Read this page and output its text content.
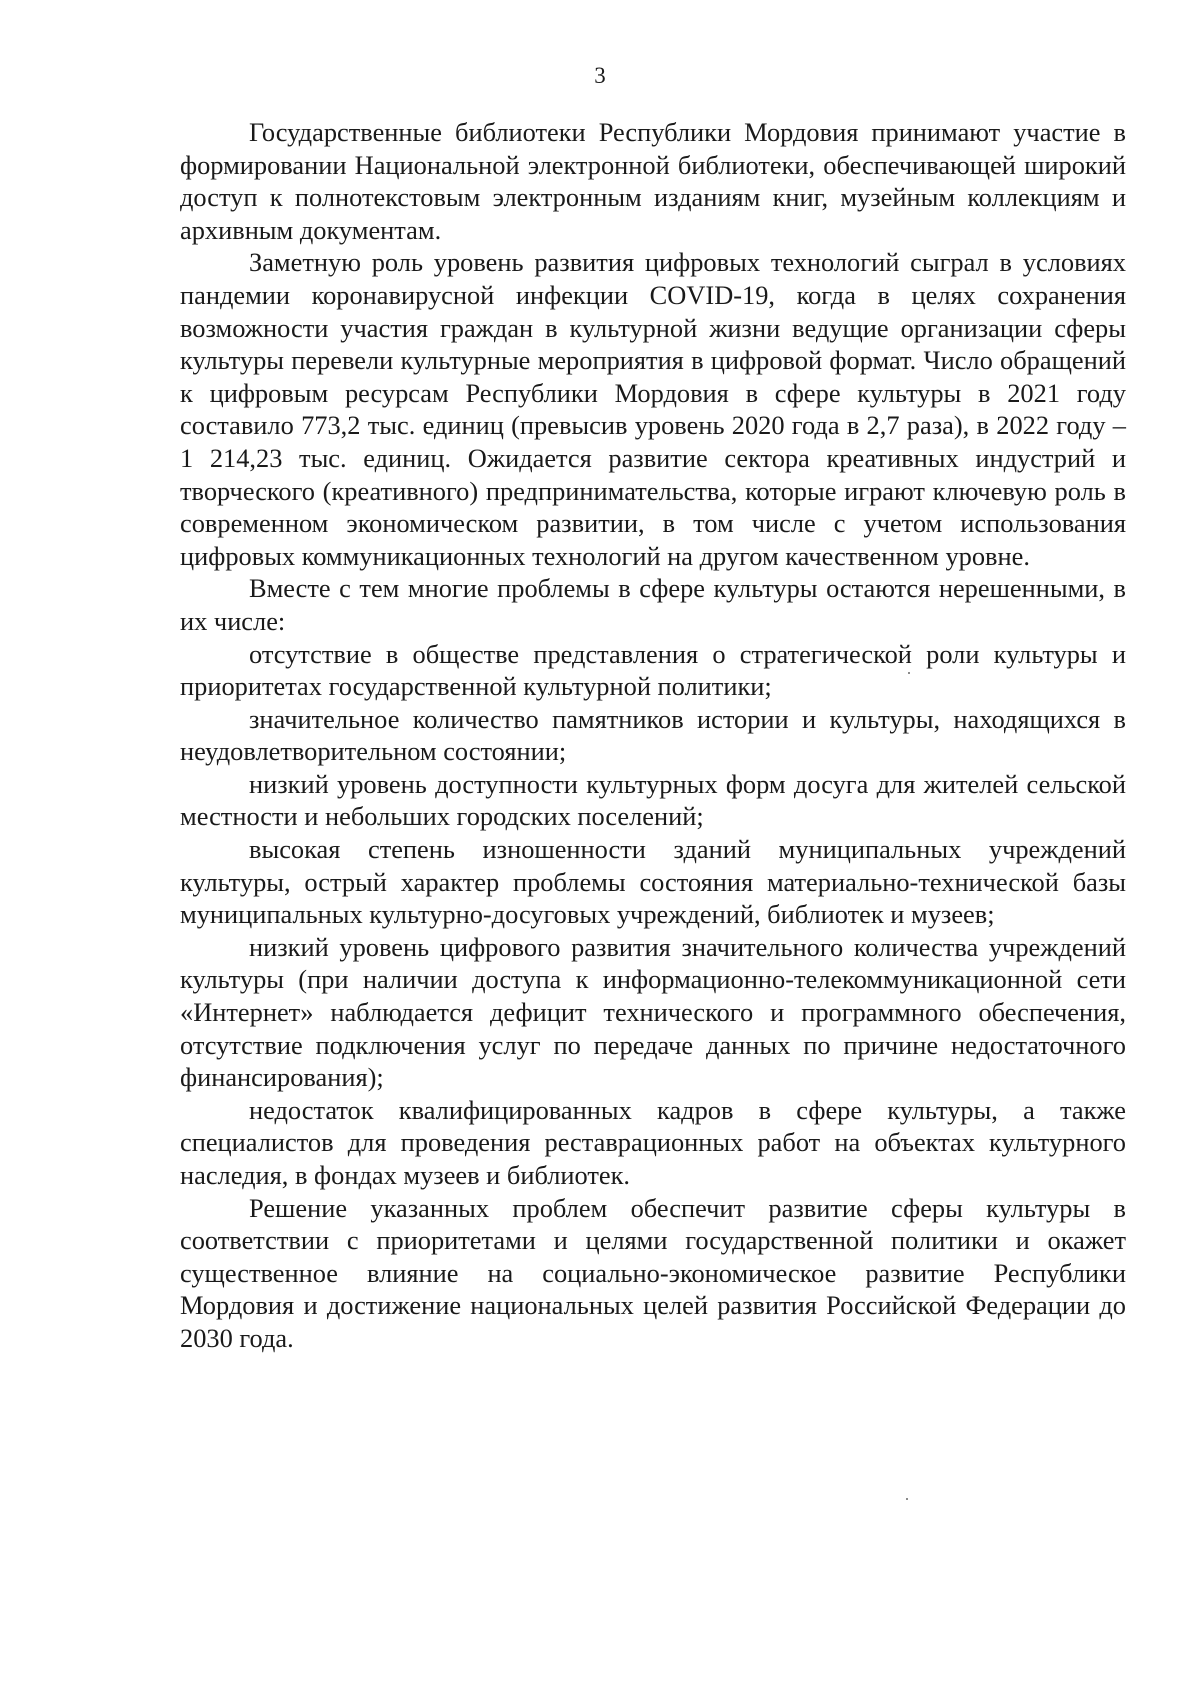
3

Государственные библиотеки Республики Мордовия принимают участие в формировании Национальной электронной библиотеки, обеспечивающей широкий доступ к полнотекстовым электронным изданиям книг, музейным коллекциям и архивным документам.

Заметную роль уровень развития цифровых технологий сыграл в условиях пандемии коронавирусной инфекции COVID-19, когда в целях сохранения возможности участия граждан в культурной жизни ведущие организации сферы культуры перевели культурные мероприятия в цифровой формат. Число обращений к цифровым ресурсам Республики Мордовия в сфере культуры в 2021 году составило 773,2 тыс. единиц (превысив уровень 2020 года в 2,7 раза), в 2022 году – 1 214,23 тыс. единиц. Ожидается развитие сектора креативных индустрий и творческого (креативного) предпринимательства, которые играют ключевую роль в современном экономическом развитии, в том числе с учетом использования цифровых коммуникационных технологий на другом качественном уровне.

Вместе с тем многие проблемы в сфере культуры остаются нерешенными, в их числе:

отсутствие в обществе представления о стратегической роли культуры и приоритетах государственной культурной политики;

значительное количество памятников истории и культуры, находящихся в неудовлетворительном состоянии;

низкий уровень доступности культурных форм досуга для жителей сельской местности и небольших городских поселений;

высокая степень изношенности зданий муниципальных учреждений культуры, острый характер проблемы состояния материально-технической базы муниципальных культурно-досуговых учреждений, библиотек и музеев;

низкий уровень цифрового развития значительного количества учреждений культуры (при наличии доступа к информационно-телекоммуникационной сети «Интернет» наблюдается дефицит технического и программного обеспечения, отсутствие подключения услуг по передаче данных по причине недостаточного финансирования);

недостаток квалифицированных кадров в сфере культуры, а также специалистов для проведения реставрационных работ на объектах культурного наследия, в фондах музеев и библиотек.

Решение указанных проблем обеспечит развитие сферы культуры в соответствии с приоритетами и целями государственной политики и окажет существенное влияние на социально-экономическое развитие Республики Мордовия и достижение национальных целей развития Российской Федерации до 2030 года.
